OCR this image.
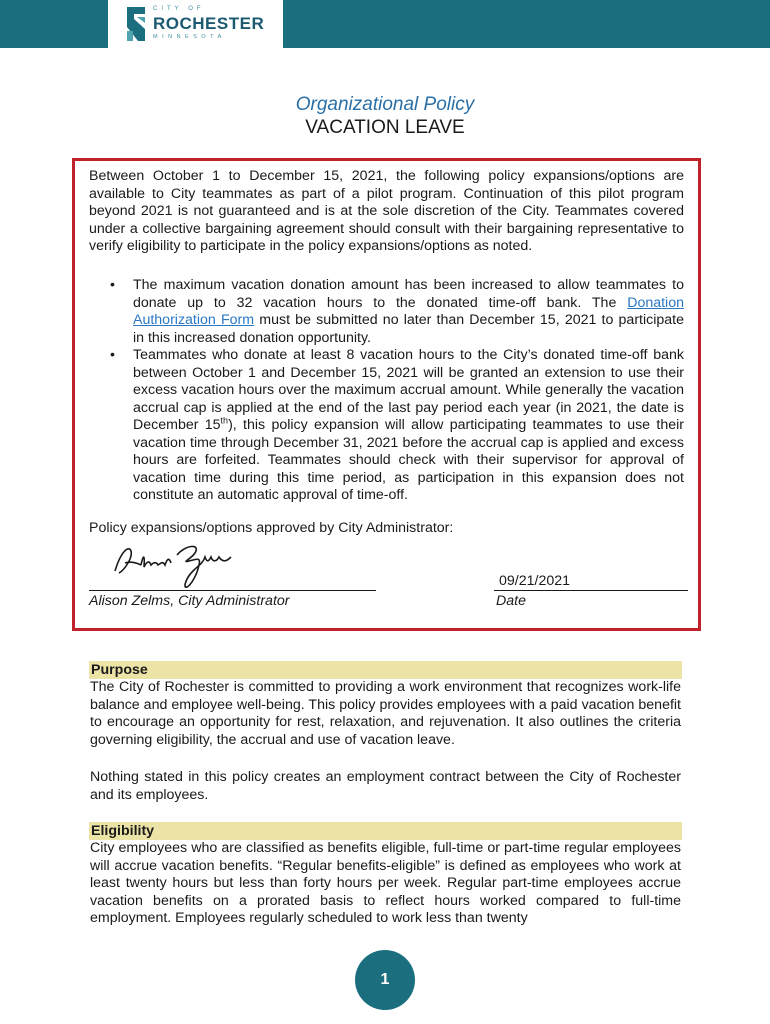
CITY OF
ROCHESTER
MINNESOTA
Organizational Policy
VACATION LEAVE
Between October 1 to December 15, 2021, the following policy expansions/options are available to City teammates as part of a pilot program. Continuation of this pilot program beyond 2021 is not guaranteed and is at the sole discretion of the City. Teammates covered under a collective bargaining agreement should consult with their bargaining representative to verify eligibility to participate in the policy expansions/options as noted.
• The maximum vacation donation amount has been increased to allow teammates to donate up to 32 vacation hours to the donated time-off bank. The Donation Authorization Form must be submitted no later than December 15, 2021 to participate in this increased donation opportunity.
• Teammates who donate at least 8 vacation hours to the City’s donated time-off bank between October 1 and December 15, 2021 will be granted an extension to use their excess vacation hours over the maximum accrual amount. While generally the vacation accrual cap is applied at the end of the last pay period each year (in 2021, the date is December 15th), this policy expansion will allow participating teammates to use their vacation time through December 31, 2021 before the accrual cap is applied and excess hours are forfeited. Teammates should check with their supervisor for approval of vacation time during this time period, as participation in this expansion does not constitute an automatic approval of time-off.
Policy expansions/options approved by City Administrator:
Alison Zelms, City Administrator
09/21/2021
Date
Purpose
The City of Rochester is committed to providing a work environment that recognizes work-life balance and employee well-being. This policy provides employees with a paid vacation benefit to encourage an opportunity for rest, relaxation, and rejuvenation. It also outlines the criteria governing eligibility, the accrual and use of vacation leave.
Nothing stated in this policy creates an employment contract between the City of Rochester and its employees.
Eligibility
City employees who are classified as benefits eligible, full-time or part-time regular employees will accrue vacation benefits. “Regular benefits-eligible” is defined as employees who work at least twenty hours but less than forty hours per week. Regular part-time employees accrue vacation benefits on a prorated basis to reflect hours worked compared to full-time employment. Employees regularly scheduled to work less than twenty
1
